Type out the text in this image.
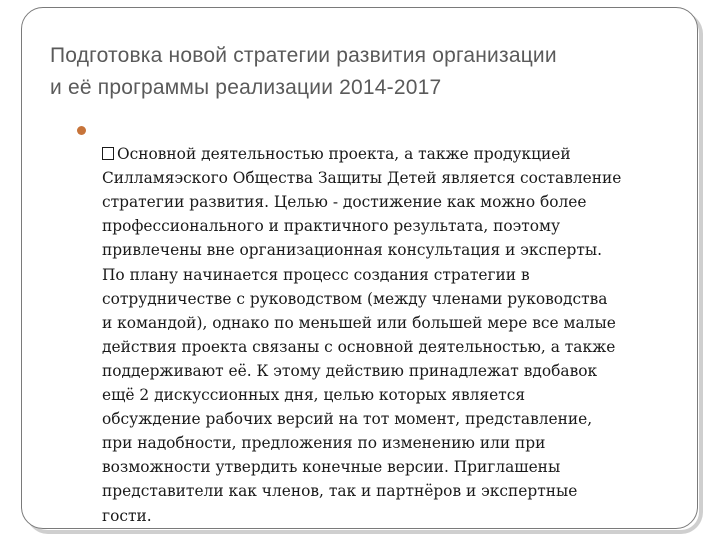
Подготовка новой стратегии развития организации
и её программы реализации 2014-2017

Основной деятельностью проекта, а также продукцией
Силламяэского Общества Защиты Детей является составление
стратегии развития. Целью - достижение как можно более
профессионального и практичного результата, поэтому
привлечены вне организационная консультация и эксперты.
По плану начинается процесс создания стратегии в
сотрудничестве с руководством (между членами руководства
и командой), однако по меньшей или большей мере все малые
действия проекта связаны с основной деятельностью, а также
поддерживают её. К этому действию принадлежат вдобавок
ещё 2 дискуссионных дня, целью которых является
обсуждение рабочих версий на тот момент, представление,
при надобности, предложения по изменению или при
возможности утвердить конечные версии. Приглашены
представители как членов, так и партнёров и экспертные
гости.
